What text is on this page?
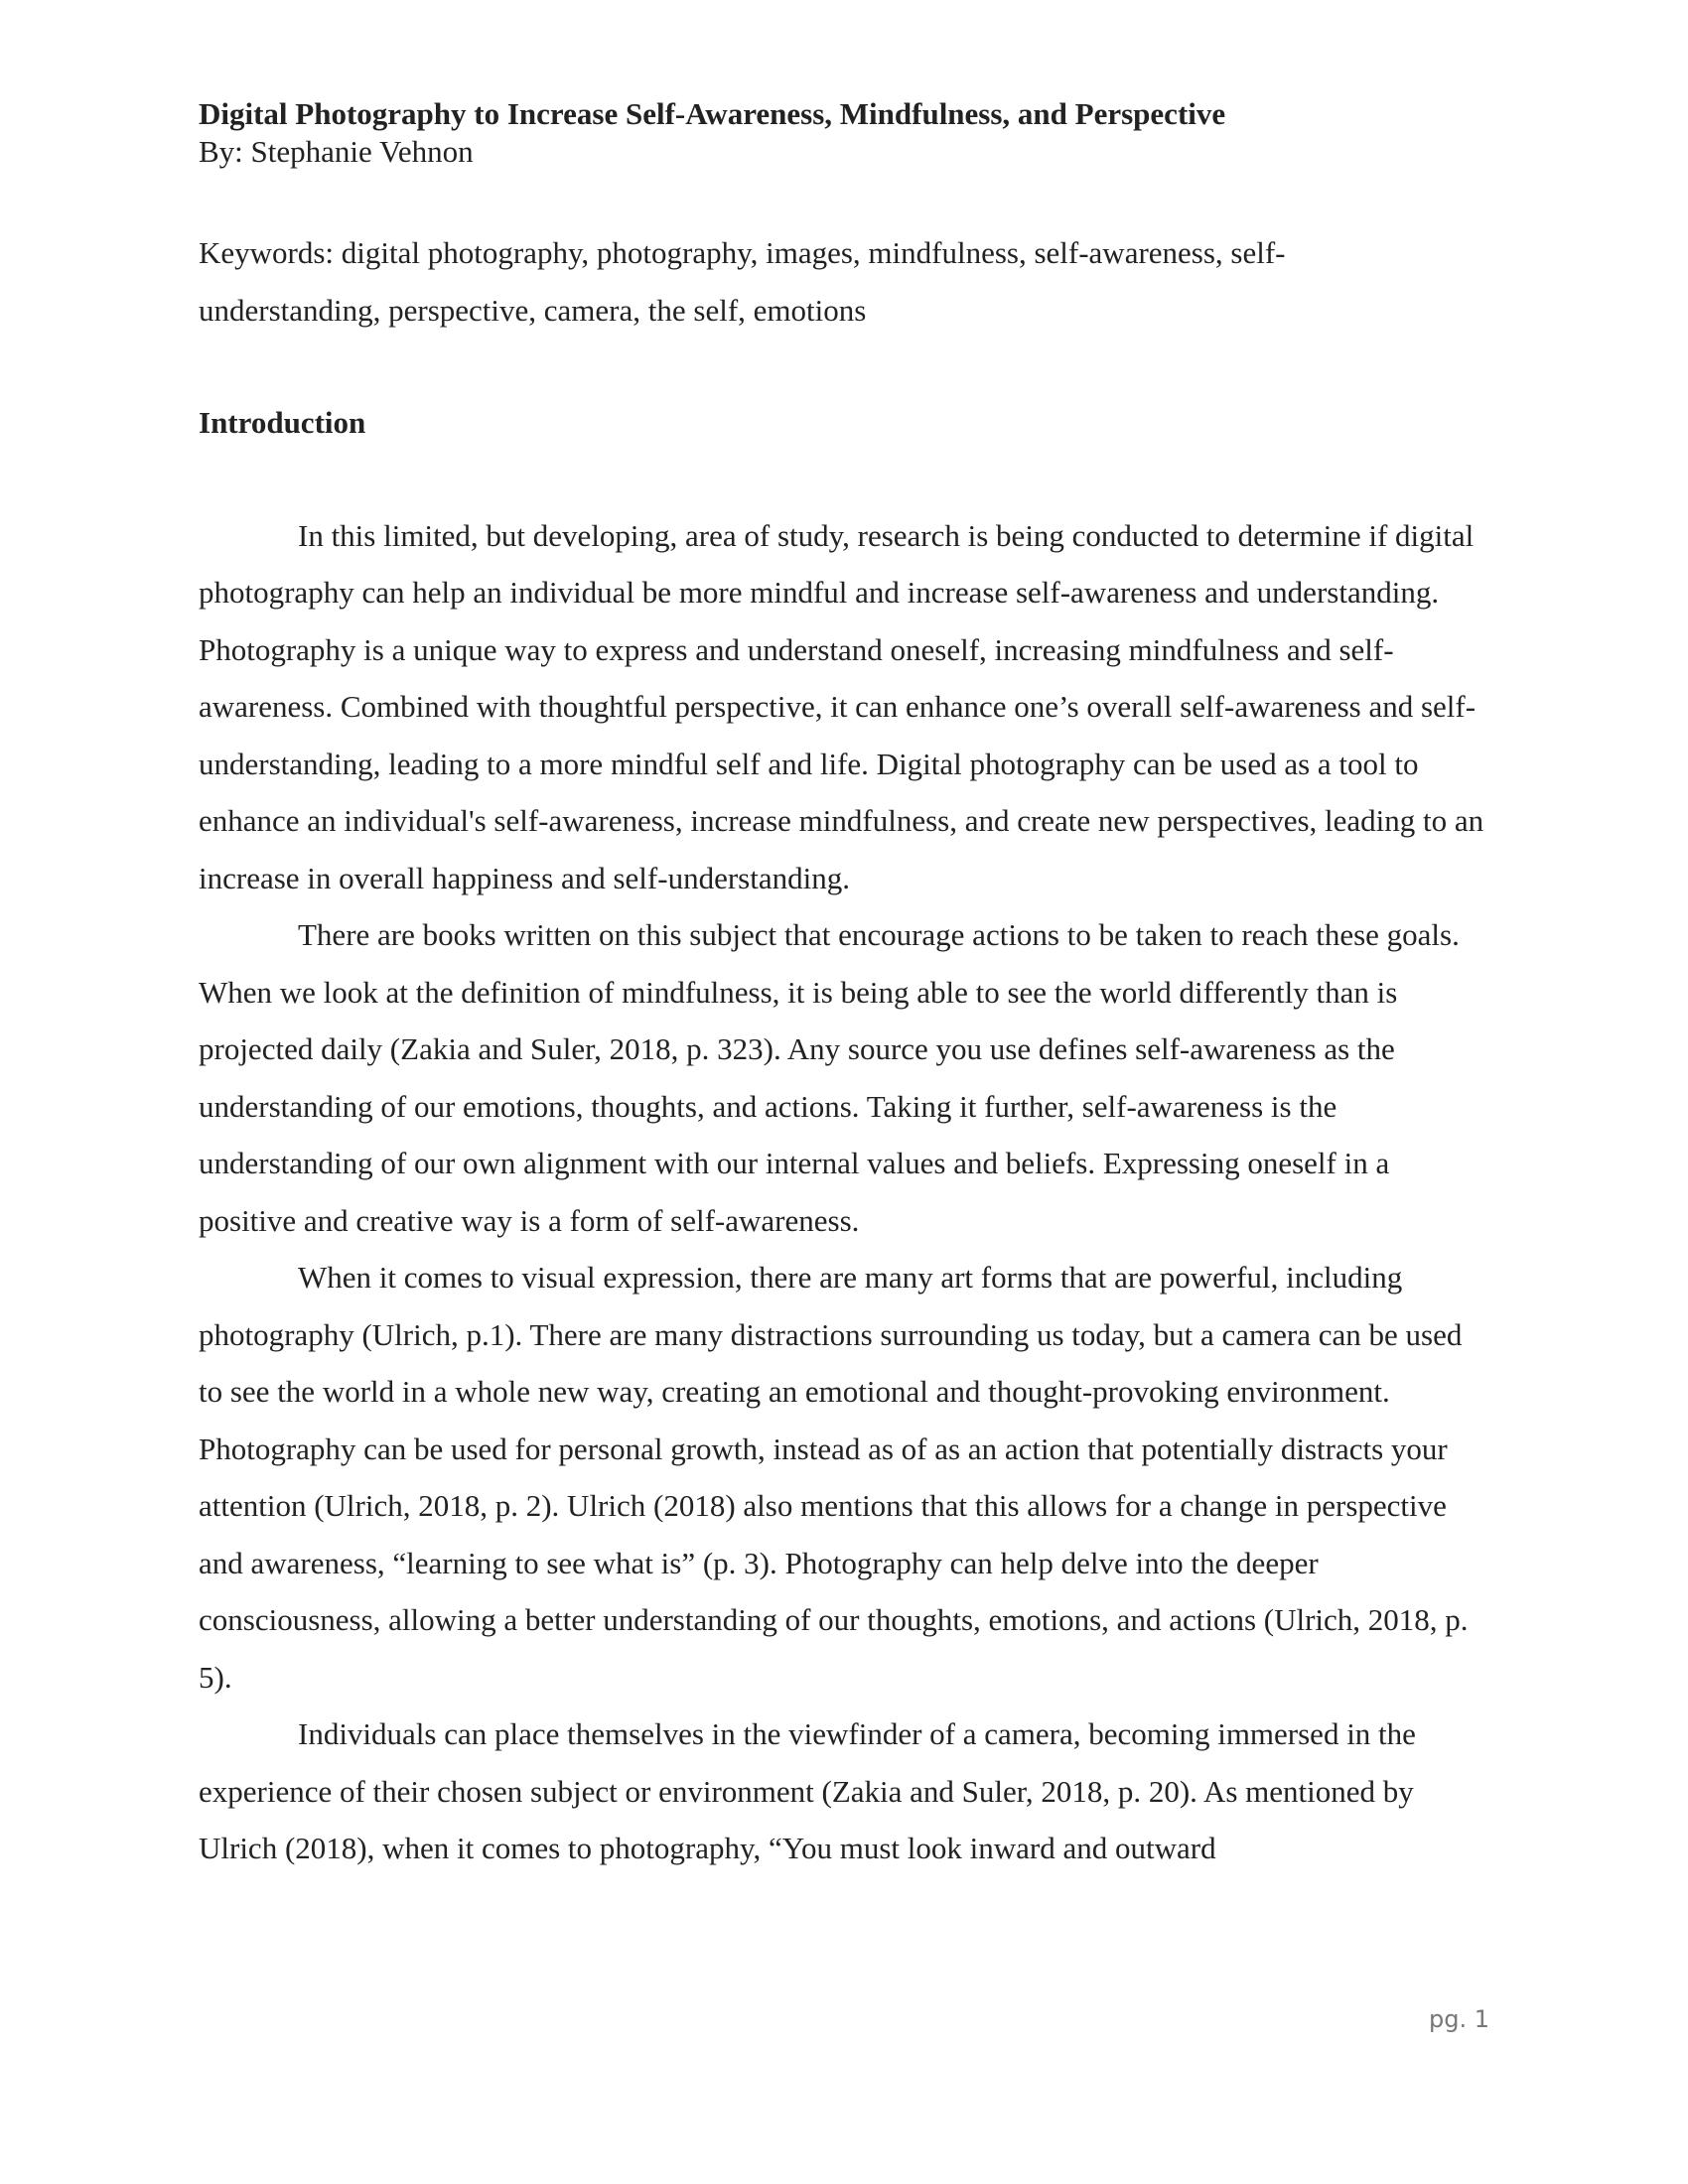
Digital Photography to Increase Self-Awareness, Mindfulness, and Perspective

By: Stephanie Vehnon

Keywords: digital photography, photography, images, mindfulness, self-awareness, self-understanding, perspective, camera, the self, emotions

Introduction

In this limited, but developing, area of study, research is being conducted to determine if digital photography can help an individual be more mindful and increase self-awareness and understanding. Photography is a unique way to express and understand oneself, increasing mindfulness and self-awareness. Combined with thoughtful perspective, it can enhance one’s overall self-awareness and self-understanding, leading to a more mindful self and life. Digital photography can be used as a tool to enhance an individual's self-awareness, increase mindfulness, and create new perspectives, leading to an increase in overall happiness and self-understanding.

There are books written on this subject that encourage actions to be taken to reach these goals. When we look at the definition of mindfulness, it is being able to see the world differently than is projected daily (Zakia and Suler, 2018, p. 323). Any source you use defines self-awareness as the understanding of our emotions, thoughts, and actions. Taking it further, self-awareness is the understanding of our own alignment with our internal values and beliefs. Expressing oneself in a positive and creative way is a form of self-awareness.

When it comes to visual expression, there are many art forms that are powerful, including photography (Ulrich, p.1). There are many distractions surrounding us today, but a camera can be used to see the world in a whole new way, creating an emotional and thought-provoking environment. Photography can be used for personal growth, instead as of as an action that potentially distracts your attention (Ulrich, 2018, p. 2). Ulrich (2018) also mentions that this allows for a change in perspective and awareness, “learning to see what is” (p. 3). Photography can help delve into the deeper consciousness, allowing a better understanding of our thoughts, emotions, and actions (Ulrich, 2018, p. 5).

Individuals can place themselves in the viewfinder of a camera, becoming immersed in the experience of their chosen subject or environment (Zakia and Suler, 2018, p. 20). As mentioned by Ulrich (2018), when it comes to photography, “You must look inward and outward

pg. 1
